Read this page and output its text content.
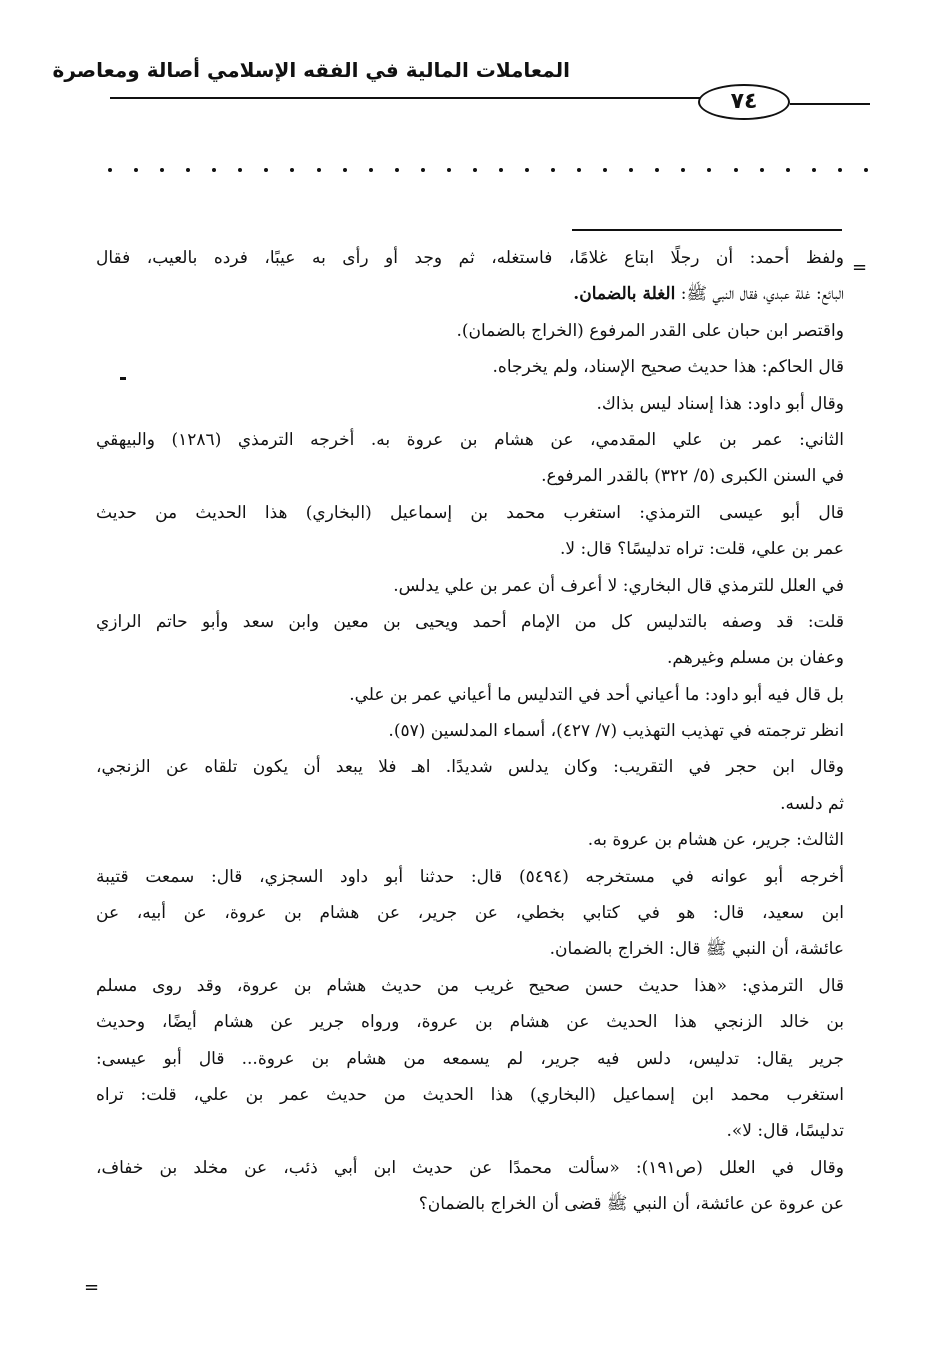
المعاملات المالية في الفقه الإسلامي أصالة ومعاصرة
٧٤
=
=
ولفظ أحمد: أن رجلًا ابتاع غلامًا، فاستغله، ثم وجد أو رأى به عيبًا، فرده بالعيب، فقال
البائع: غلة عبدي، فقال النبي ﷺ: الغلة بالضمان.
واقتصر ابن حبان على القدر المرفوع (الخراج بالضمان).
قال الحاكم: هذا حديث صحيح الإسناد، ولم يخرجاه.
وقال أبو داود: هذا إسناد ليس بذاك.
الثاني: عمر بن علي المقدمي، عن هشام بن عروة به. أخرجه الترمذي (١٢٨٦) والبيهقي
في السنن الكبرى (٥/ ٣٢٢) بالقدر المرفوع.
قال أبو عيسى الترمذي: استغرب محمد بن إسماعيل (البخاري) هذا الحديث من حديث
عمر بن علي، قلت: تراه تدليسًا؟ قال: لا.
في العلل للترمذي قال البخاري: لا أعرف أن عمر بن علي يدلس.
قلت: قد وصفه بالتدليس كل من الإمام أحمد ويحيى بن معين وابن سعد وأبو حاتم الرازي
وعفان بن مسلم وغيرهم.
بل قال فيه أبو داود: ما أعياني أحد في التدليس ما أعياني عمر بن علي.
انظر ترجمته في تهذيب التهذيب (٧/ ٤٢٧)، أسماء المدلسين (٥٧).
وقال ابن حجر في التقريب: وكان يدلس شديدًا. اهـ فلا يبعد أن يكون تلقاه عن الزنجي،
ثم دلسه.
الثالث: جرير، عن هشام بن عروة به.
أخرجه أبو عوانه في مستخرجه (٥٤٩٤) قال: حدثنا أبو داود السجزي، قال: سمعت قتيبة
ابن سعيد، قال: هو في كتابي بخطي، عن جرير، عن هشام بن عروة، عن أبيه، عن
عائشة، أن النبي ﷺ قال: الخراج بالضمان.
قال الترمذي: «هذا حديث حسن صحيح غريب من حديث هشام بن عروة، وقد روى مسلم
بن خالد الزنجي هذا الحديث عن هشام بن عروة، ورواه جرير عن هشام أيضًا، وحديث
جرير يقال: تدليس، دلس فيه جرير، لم يسمعه من هشام بن عروة... قال أبو عيسى:
استغرب محمد ابن إسماعيل (البخاري) هذا الحديث من حديث عمر بن علي، قلت: تراه
تدليسًا، قال: لا».
وقال في العلل (ص١٩١): «سألت محمدًا عن حديث ابن أبي ذئب، عن مخلد بن خفاف،
عن عروة عن عائشة، أن النبي ﷺ قضى أن الخراج بالضمان؟
